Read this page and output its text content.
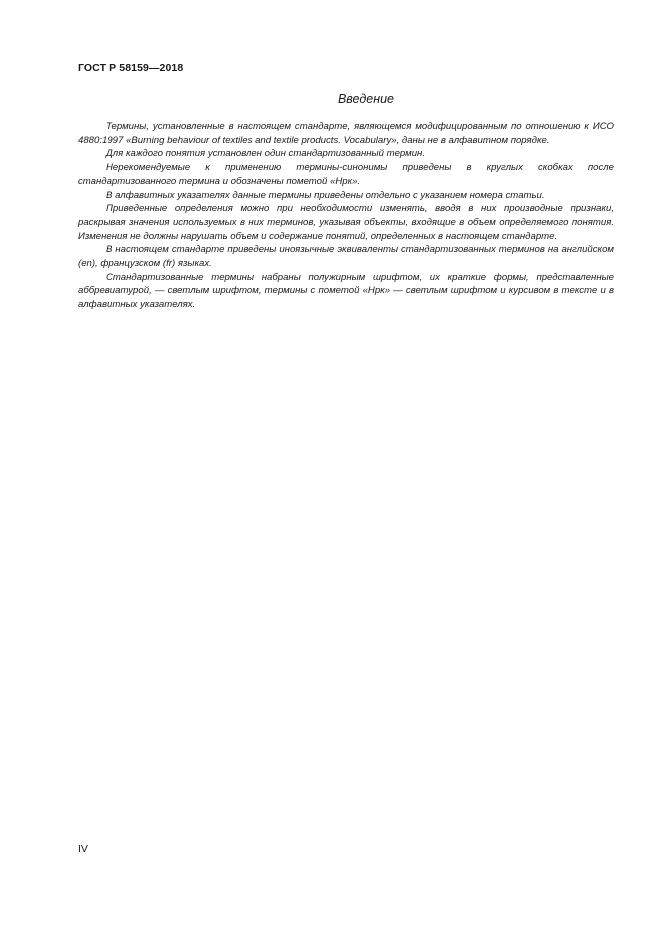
ГОСТ Р 58159—2018
Введение

Термины, установленные в настоящем стандарте, являющемся модифицированным по отношению к ИСО 4880:1997 «Burning behaviour of textiles and textile products. Vocabulary», даны не в алфавитном порядке.

Для каждого понятия установлен один стандартизованный термин.

Нерекомендуемые к применению термины-синонимы приведены в круглых скобках после стандартизованного термина и обозначены пометой «Нрк».

В алфавитных указателях данные термины приведены отдельно с указанием номера статьи.

Приведенные определения можно при необходимости изменять, вводя в них производные признаки, раскрывая значения используемых в них терминов, указывая объекты, входящие в объем определяемого понятия. Изменения не должны нарушать объем и содержание понятий, определенных в настоящем стандарте.

В настоящем стандарте приведены иноязычные эквиваленты стандартизованных терминов на английском (en), французском (fr) языках.

Стандартизованные термины набраны полужирным шрифтом, их краткие формы, представленные аббревиатурой, — светлым шрифтом, термины с пометой «Нрк» — светлым шрифтом и курсивом в тексте и в алфавитных указателях.

IV
